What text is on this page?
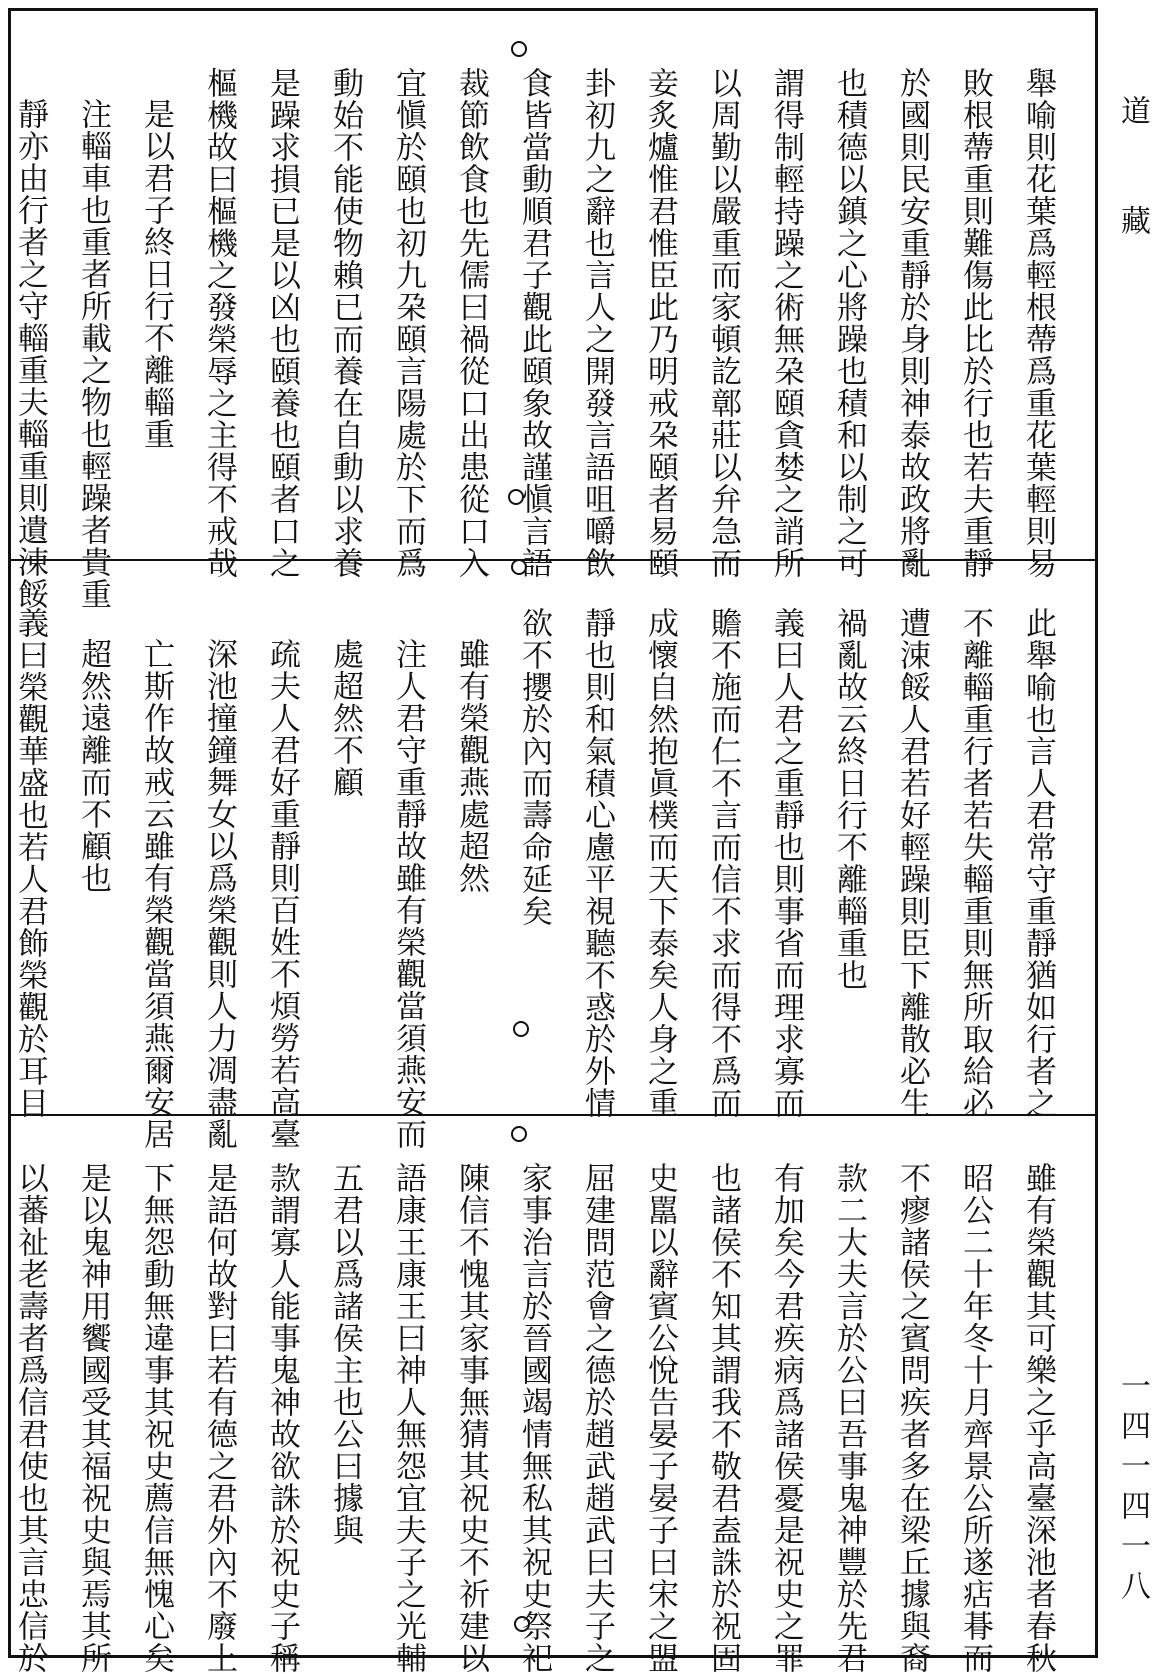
舉喻則花葉爲輕根蔕爲重花葉輕則易
敗根蔕重則難傷此比於行也若夫重靜
於國則民安重靜於身則神泰故政將亂
也積德以鎮之心將躁也積和以制之可
謂得制輕持躁之術無朶頤貪婪之誚所
以周勤以嚴重而家頓訖鄣莊以弁急而
妾炙爐惟君惟臣此乃明戒朶頤者易頤
卦初九之辭也言人之開發言語咀嚼飲
食皆當動順君子觀此頤象故謹愼言語
裁節飲食也先儒曰禍從口出患從口入
宜愼於頤也初九朶頤言陽處於下而爲
動始不能使物賴已而養在自動以求養
是躁求損已是以凶也頤養也頤者口之
樞機故曰樞機之發榮辱之主得不戒哉
是以君子終日行不離輜重
注輜車也重者所載之物也輕躁者貴重
靜亦由行者之守輜重夫輜重則遺涑餒
此舉喻也言人君常守重靜猶如行者之
不離輜重行者若失輜重則無所取給必
遭涑餒人君若好輕躁則臣下離散必生
禍亂故云終日行不離輜重也
義曰人君之重靜也則事省而理求寡而
贍不施而仁不言而信不求而得不爲而
成懷自然抱眞樸而天下泰矣人身之重
靜也則和氣積心慮平視聽不惑於外情
欲不攖於內而壽命延矣
雖有榮觀燕處超然
注人君守重靜故雖有榮觀當須燕安而
處超然不顧
疏夫人君好重靜則百姓不煩勞若高臺
深池撞鐘舞女以爲榮觀則人力凋盡亂
亡斯作故戒云雖有榮觀當須燕爾安居
超然遠離而不顧也
義曰榮觀華盛也若人君飾榮觀於耳目
雖有榮觀其可樂之乎高臺深池者春秋
昭公二十年冬十月齊景公所遂痁朞而
不瘳諸侯之賓問疾者多在梁丘據與裔
款二大夫言於公曰吾事鬼神豐於先君
有加矣今君疾病爲諸侯憂是祝史之罪
也諸侯不知其謂我不敬君盍誅於祝固
史嚚以辭賓公悅告晏子晏子曰宋之盟
屈建問范會之德於趙武趙武曰夫子之
家事治言於晉國竭情無私其祝史祭祀
陳信不愧其家事無猜其祝史不祈建以
語康王康王曰神人無怨宜夫子之光輔
五君以爲諸侯主也公曰據與
款謂寡人能事鬼神故欲誅於祝史子稱
是語何故對曰若有德之君外內不廢上
下無怨動無違事其祝史薦信無愧心矣
是以鬼神用饗國受其福祝史與焉其所
以蕃祉老壽者爲信君使也其言忠信於
道藏
一四一四一八
